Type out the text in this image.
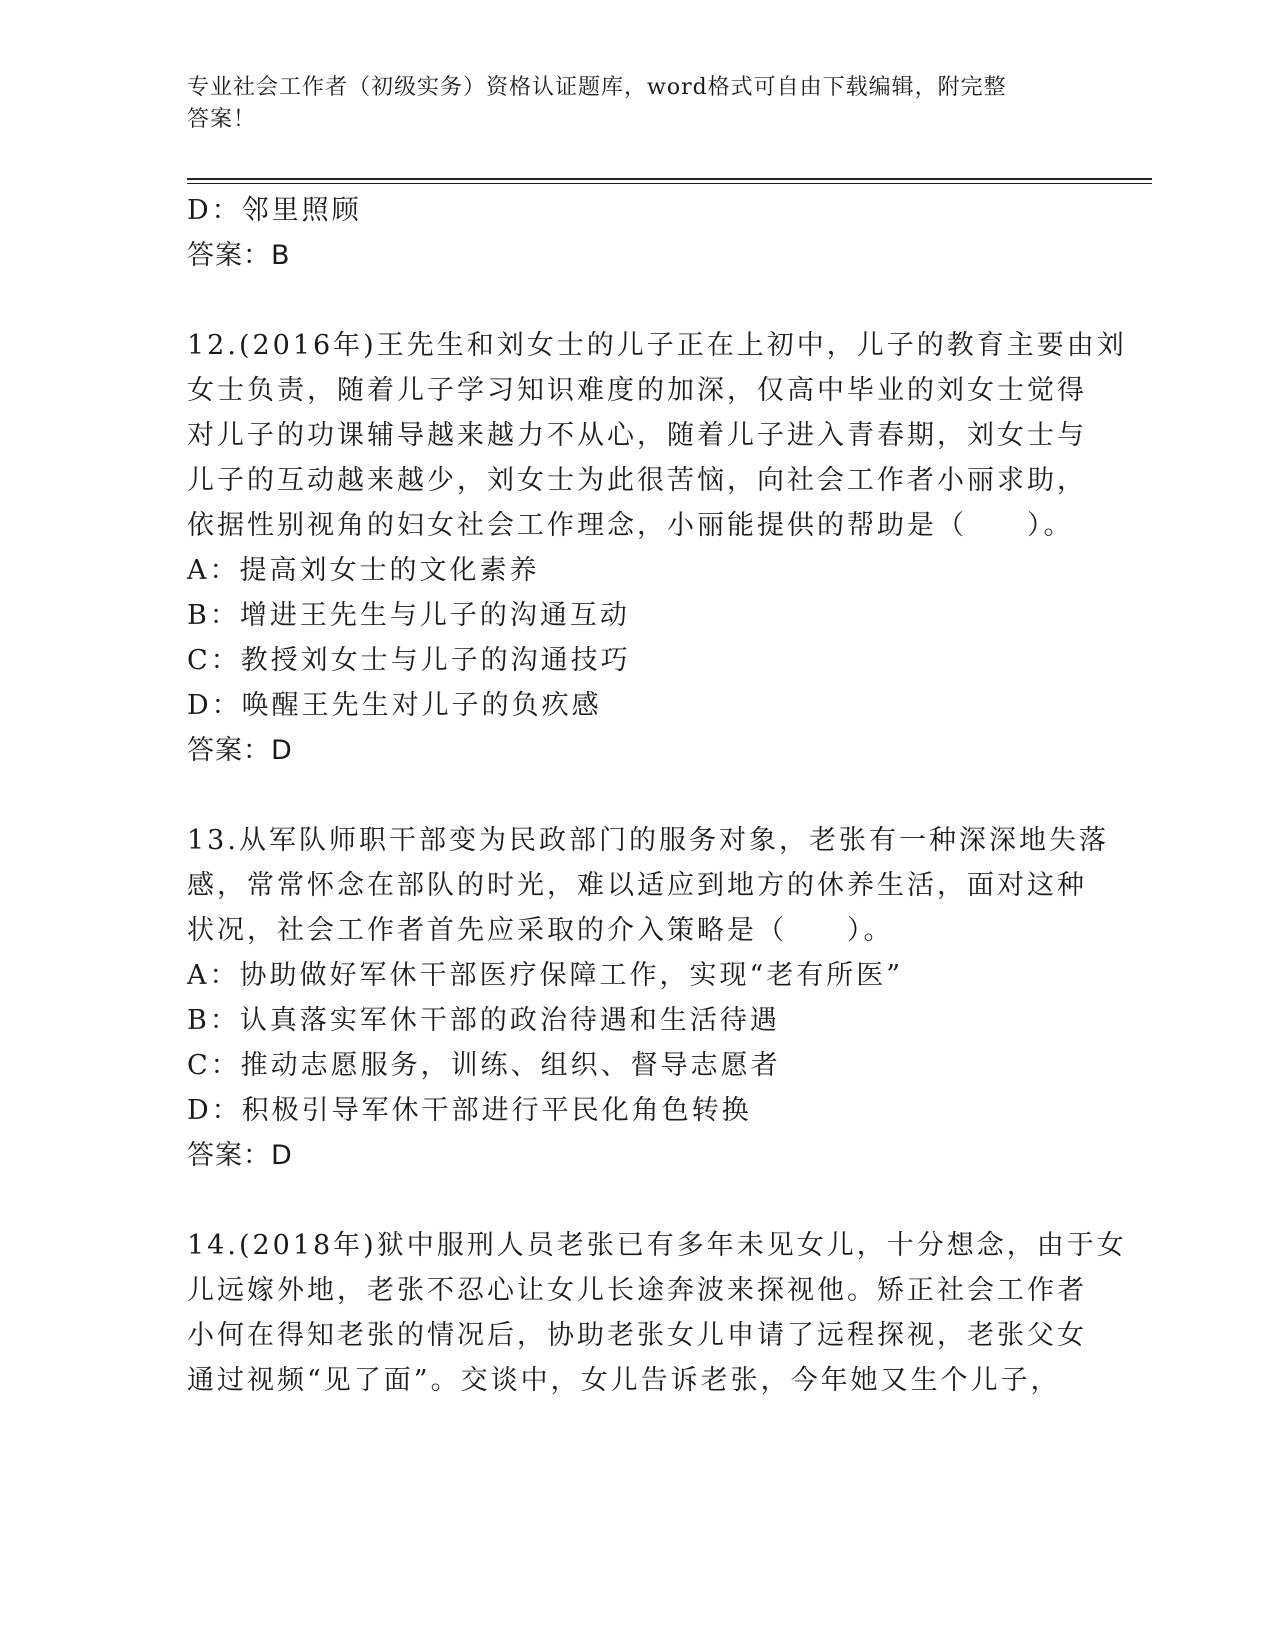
专业社会工作者（初级实务）资格认证题库，word格式可自由下载编辑，附完整
答案！
D：邻里照顾
答案：B
12.(2016年)王先生和刘女士的儿子正在上初中，儿子的教育主要由刘
女士负责，随着儿子学习知识难度的加深，仅高中毕业的刘女士觉得
对儿子的功课辅导越来越力不从心，随着儿子进入青春期，刘女士与
儿子的互动越来越少，刘女士为此很苦恼，向社会工作者小丽求助，
依据性别视角的妇女社会工作理念，小丽能提供的帮助是（　　）。
A：提高刘女士的文化素养
B：增进王先生与儿子的沟通互动
C：教授刘女士与儿子的沟通技巧
D：唤醒王先生对儿子的负疚感
答案：D
13.从军队师职干部变为民政部门的服务对象，老张有一种深深地失落
感，常常怀念在部队的时光，难以适应到地方的休养生活，面对这种
状况，社会工作者首先应采取的介入策略是（　　）。
A：协助做好军休干部医疗保障工作，实现“老有所医”
B：认真落实军休干部的政治待遇和生活待遇
C：推动志愿服务，训练、组织、督导志愿者
D：积极引导军休干部进行平民化角色转换
答案：D
14.(2018年)狱中服刑人员老张已有多年未见女儿，十分想念，由于女
儿远嫁外地，老张不忍心让女儿长途奔波来探视他。矫正社会工作者
小何在得知老张的情况后，协助老张女儿申请了远程探视，老张父女
通过视频“见了面”。交谈中，女儿告诉老张，今年她又生个儿子，
